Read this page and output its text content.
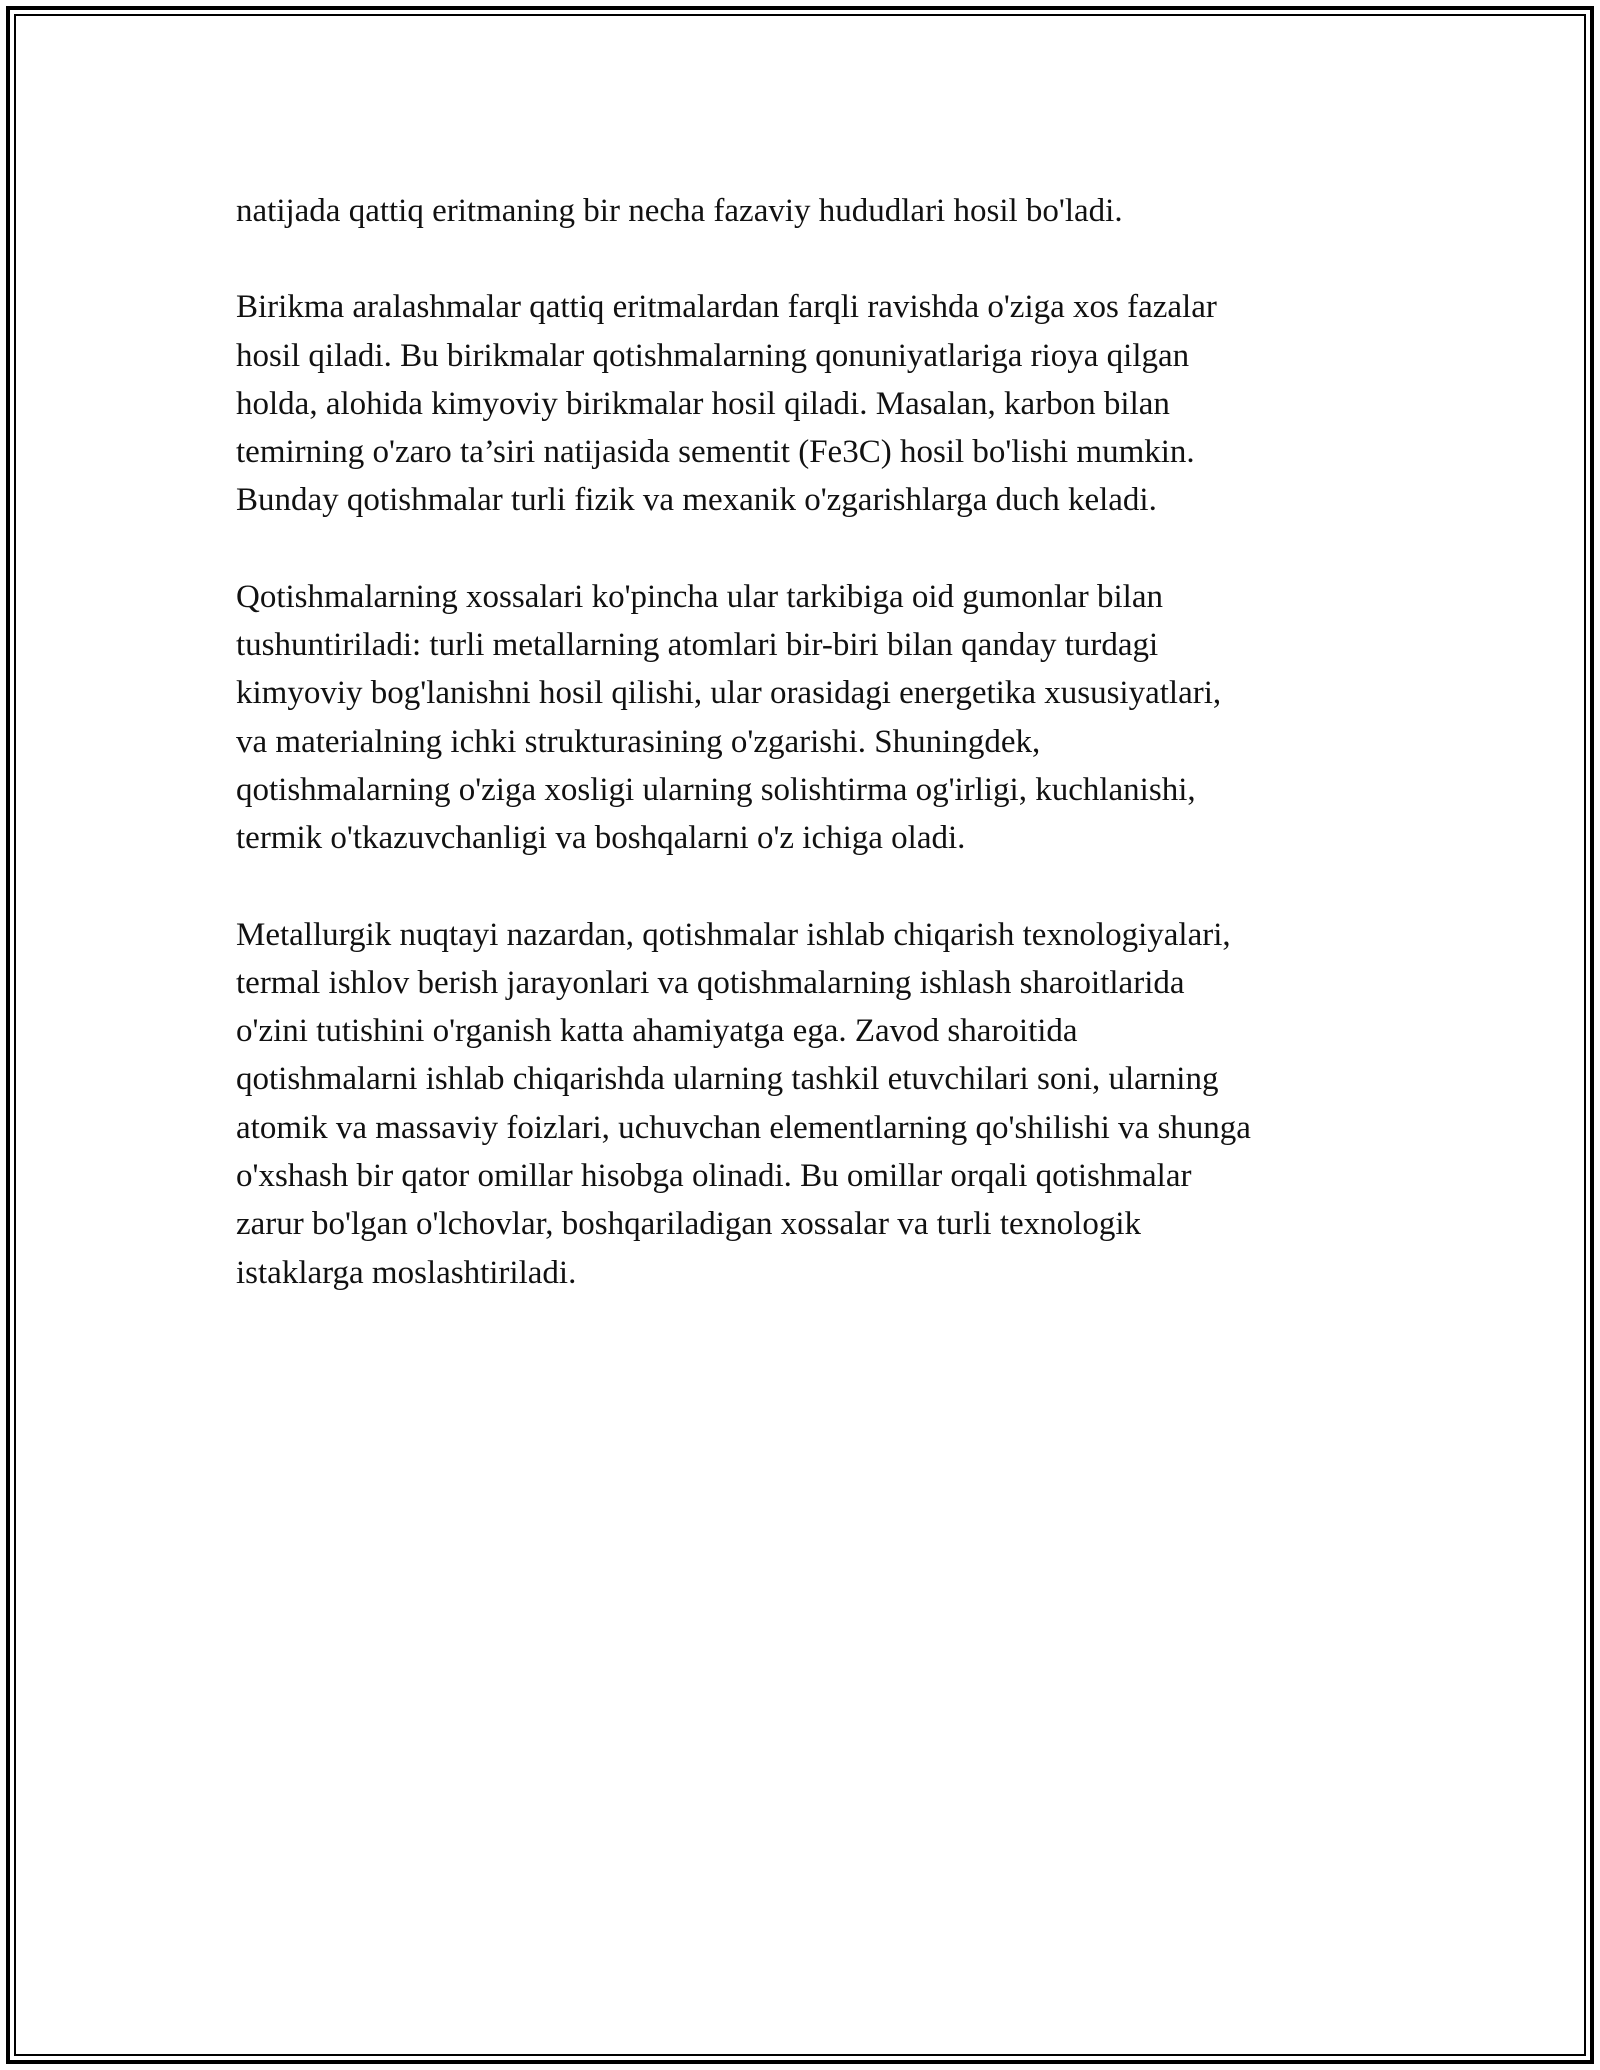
natijada qattiq eritmaning bir necha fazaviy hududlari hosil bo'ladi.

Birikma aralashmalar qattiq eritmalardan farqli ravishda o'ziga xos fazalar
hosil qiladi. Bu birikmalar qotishmalarning qonuniyatlariga rioya qilgan
holda, alohida kimyoviy birikmalar hosil qiladi. Masalan, karbon bilan
temirning o'zaro ta’siri natijasida sementit (Fe3C) hosil bo'lishi mumkin.
Bunday qotishmalar turli fizik va mexanik o'zgarishlarga duch keladi.

Qotishmalarning xossalari ko'pincha ular tarkibiga oid gumonlar bilan
tushuntiriladi: turli metallarning atomlari bir-biri bilan qanday turdagi
kimyoviy bog'lanishni hosil qilishi, ular orasidagi energetika xususiyatlari,
va materialning ichki strukturasining o'zgarishi. Shuningdek,
qotishmalarning o'ziga xosligi ularning solishtirma og'irligi, kuchlanishi,
termik o'tkazuvchanligi va boshqalarni o'z ichiga oladi.

Metallurgik nuqtayi nazardan, qotishmalar ishlab chiqarish texnologiyalari,
termal ishlov berish jarayonlari va qotishmalarning ishlash sharoitlarida
o'zini tutishini o'rganish katta ahamiyatga ega. Zavod sharoitida
qotishmalarni ishlab chiqarishda ularning tashkil etuvchilari soni, ularning
atomik va massaviy foizlari, uchuvchan elementlarning qo'shilishi va shunga
o'xshash bir qator omillar hisobga olinadi. Bu omillar orqali qotishmalar
zarur bo'lgan o'lchovlar, boshqariladigan xossalar va turli texnologik
istaklarga moslashtiriladi.
